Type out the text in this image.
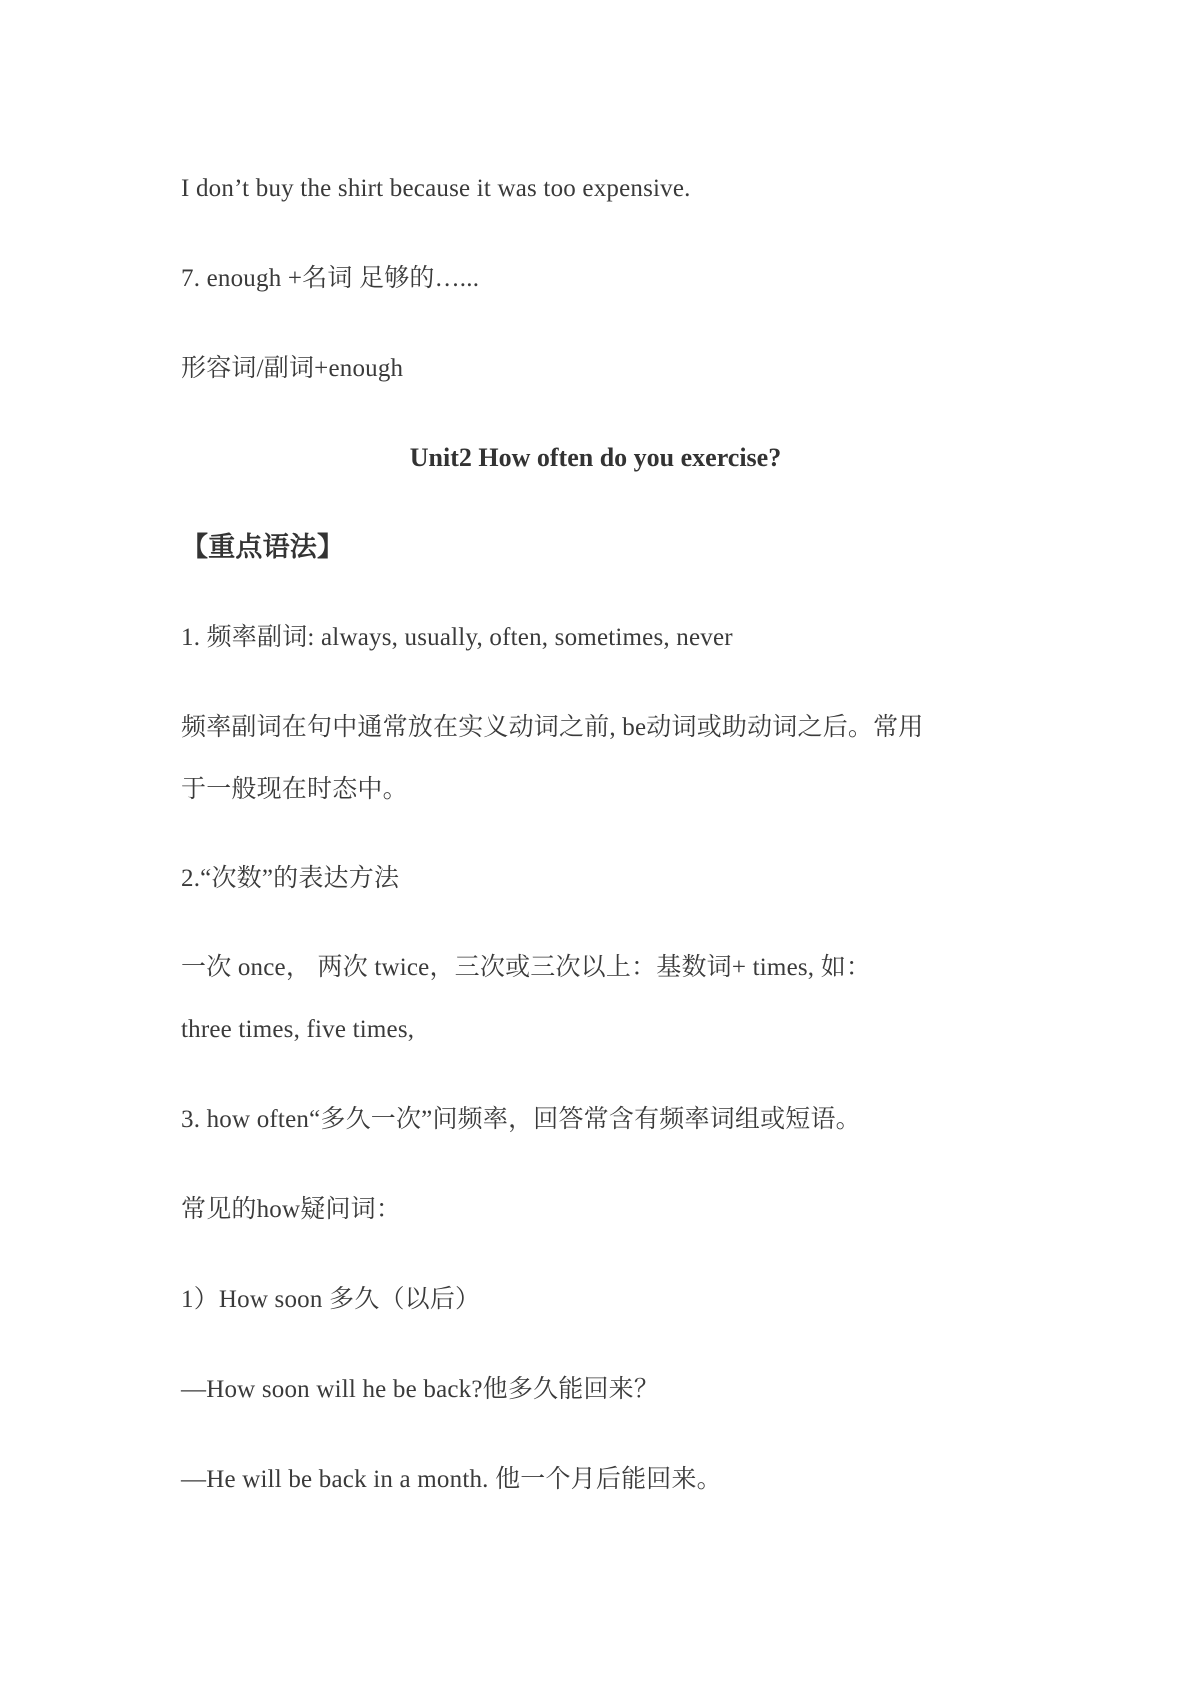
I don’t buy the shirt because it was too expensive.
7. enough +名词 足够的…...
形容词/副词+enough
Unit2 How often do you exercise?
【重点语法】
1. 频率副词: always, usually, often, sometimes, never
频率副词在句中通常放在实义动词之前, be动词或助动词之后。常用
于一般现在时态中。
2.“次数”的表达方法
一次 once， 两次 twice，三次或三次以上：基数词+ times, 如：
three times, five times,
3. how often“多久一次”问频率，回答常含有频率词组或短语。
常见的how疑问词：
1）How soon 多久（以后）
—How soon will he be back?他多久能回来？
—He will be back in a month. 他一个月后能回来。
